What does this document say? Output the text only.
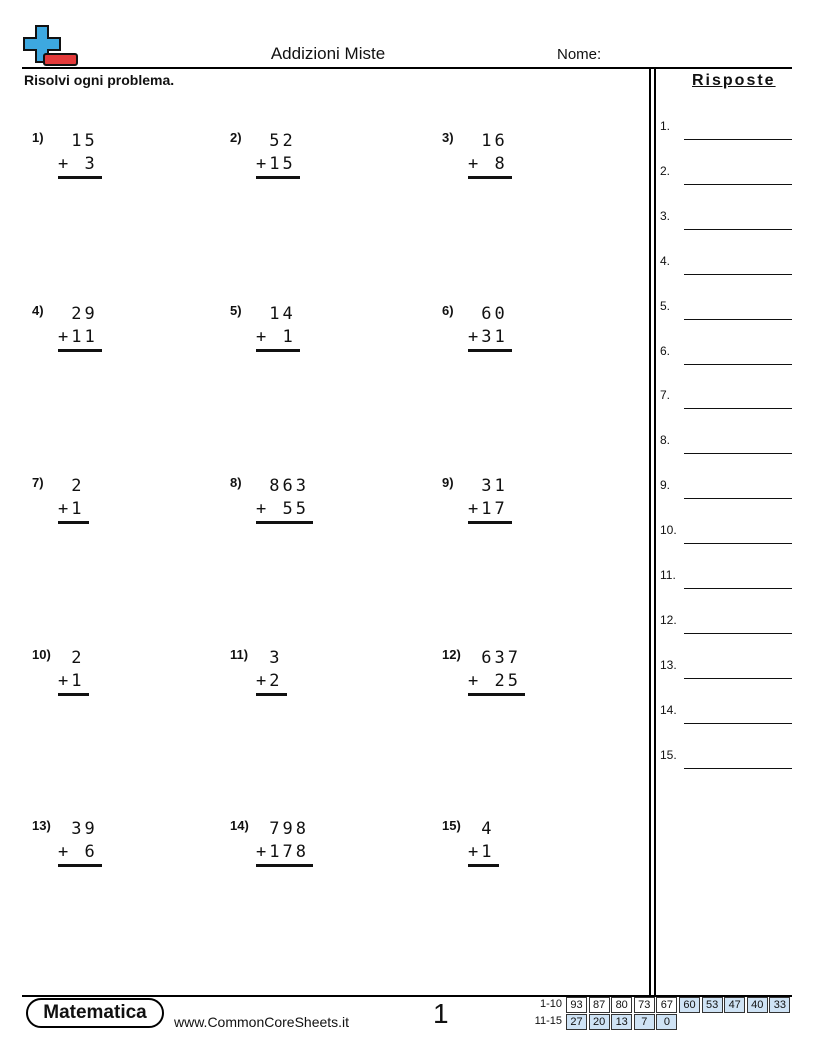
Addizioni Miste	Nome:
Risolvi ogni problema.	Risposte
1) 15
+ 3
2) 52
+15
3) 16
+ 8
4) 29
+11
5) 14
+ 1
6) 60
+31
7) 2
+1
8) 863
+ 55
9) 31
+17
10) 2
+1
11) 3
+2
12) 637
+ 25
13) 39
+ 6
14) 798
+178
15) 4
+1
1.
2.
3.
4.
5.
6.
7.
8.
9.
10.
11.
12.
13.
14.
15.
Matematica	www.CommonCoreSheets.it	1	1-10 93 87 80 73 67 60 53 47 40 33
11-15 27 20 13	7	0
